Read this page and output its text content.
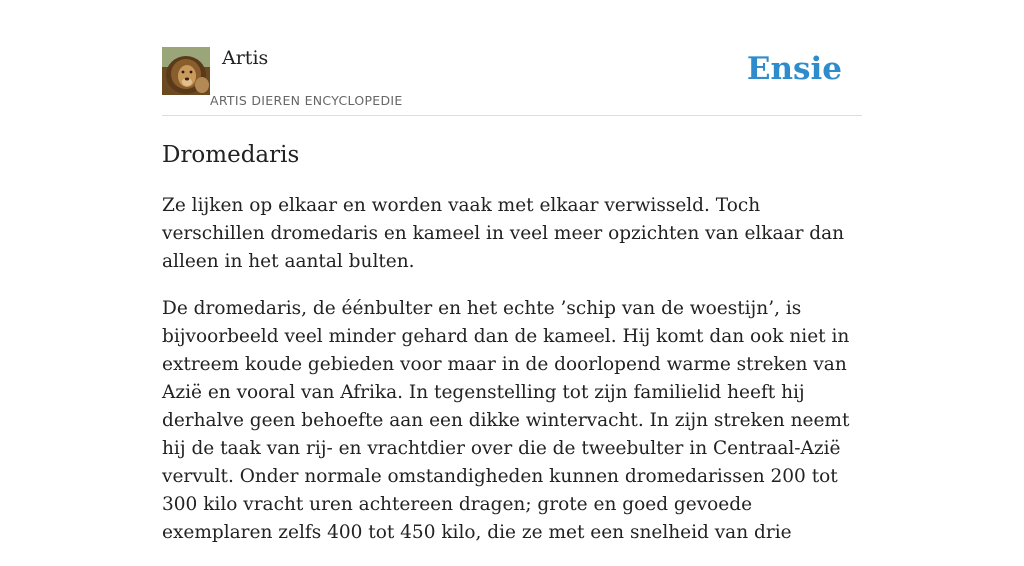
Artis
ARTIS DIEREN ENCYCLOPEDIE
Ensie
Dromedaris

Ze lijken op elkaar en worden vaak met elkaar verwisseld. Toch verschillen dromedaris en kameel in veel meer opzichten van elkaar dan alleen in het aantal bulten.

De dromedaris, de éénbulter en het echte ’schip van de woestijn’, is bijvoorbeeld veel minder gehard dan de kameel. Hij komt dan ook niet in extreem koude gebieden voor maar in de doorlopend warme streken van Azië en vooral van Afrika. In tegenstelling tot zijn familielid heeft hij derhalve geen behoefte aan een dikke wintervacht. In zijn streken neemt hij de taak van rij- en vrachtdier over die de tweebulter in Centraal-Azië vervult. Onder normale omstandigheden kunnen dromedarissen 200 tot 300 kilo vracht uren achtereen dragen; grote en goed gevoede exemplaren zelfs 400 tot 450 kilo, die ze met een snelheid van drie
